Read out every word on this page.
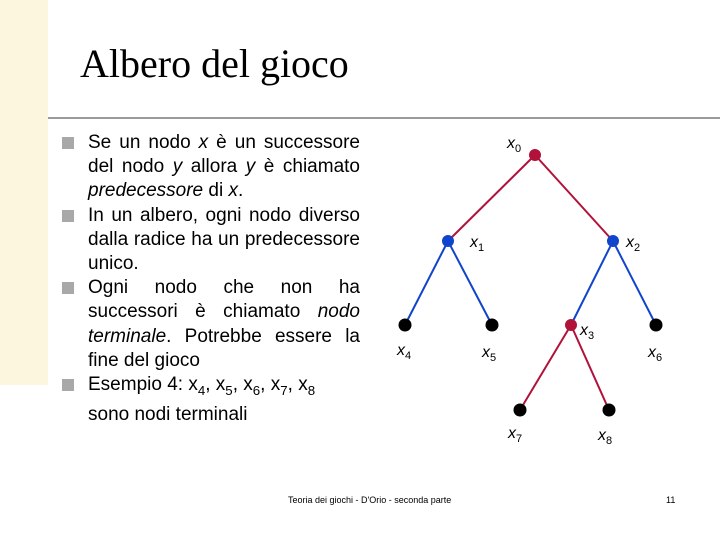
Albero del gioco
Se un nodo x è un successore del nodo y allora y è chiamato predecessore di x.
In un albero, ogni nodo diverso dalla radice ha un predecessore unico.
Ogni nodo che non ha successori è chiamato nodo terminale. Potrebbe essere la fine del gioco
Esempio 4: $x_4$, $x_5$, $x_6$, $x_7$, $x_8$ sono nodi terminali
$x_0$
$x_1$	$x_2$
$x_3$
$x_4$	$x_5$	$x_6$
$x_7$	$x_8$
Teoria dei giochi - D'Orio - seconda parte	11
